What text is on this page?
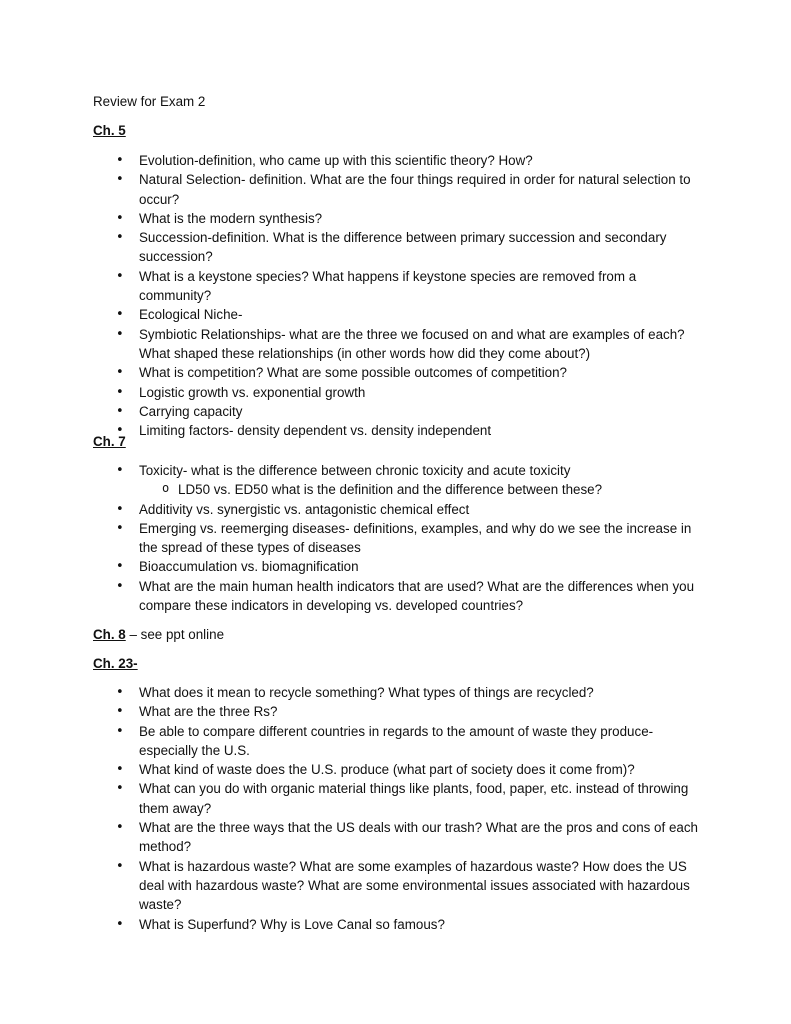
Review for Exam 2
Ch. 5
• Evolution-definition, who came up with this scientific theory? How?
• Natural Selection- definition. What are the four things required in order for natural selection to occur?
• What is the modern synthesis?
• Succession-definition. What is the difference between primary succession and secondary succession?
• What is a keystone species? What happens if keystone species are removed from a community?
• Ecological Niche-
• Symbiotic Relationships- what are the three we focused on and what are examples of each? What shaped these relationships (in other words how did they come about?)
• What is competition? What are some possible outcomes of competition?
• Logistic growth vs. exponential growth
• Carrying capacity
• Limiting factors- density dependent vs. density independent
Ch. 7
• Toxicity- what is the difference between chronic toxicity and acute toxicity
o LD50 vs. ED50 what is the definition and the difference between these?
• Additivity vs. synergistic vs. antagonistic chemical effect
• Emerging vs. reemerging diseases- definitions, examples, and why do we see the increase in the spread of these types of diseases
• Bioaccumulation vs. biomagnification
• What are the main human health indicators that are used? What are the differences when you compare these indicators in developing vs. developed countries?

Ch. 8 – see ppt online

Ch. 23-
• What does it mean to recycle something? What types of things are recycled?
• What are the three Rs?
• Be able to compare different countries in regards to the amount of waste they produce- especially the U.S.
• What kind of waste does the U.S. produce (what part of society does it come from)?
• What can you do with organic material things like plants, food, paper, etc. instead of throwing them away?
• What are the three ways that the US deals with our trash? What are the pros and cons of each method?
• What is hazardous waste? What are some examples of hazardous waste? How does the US deal with hazardous waste? What are some environmental issues associated with hazardous waste?
• What is Superfund? Why is Love Canal so famous?
